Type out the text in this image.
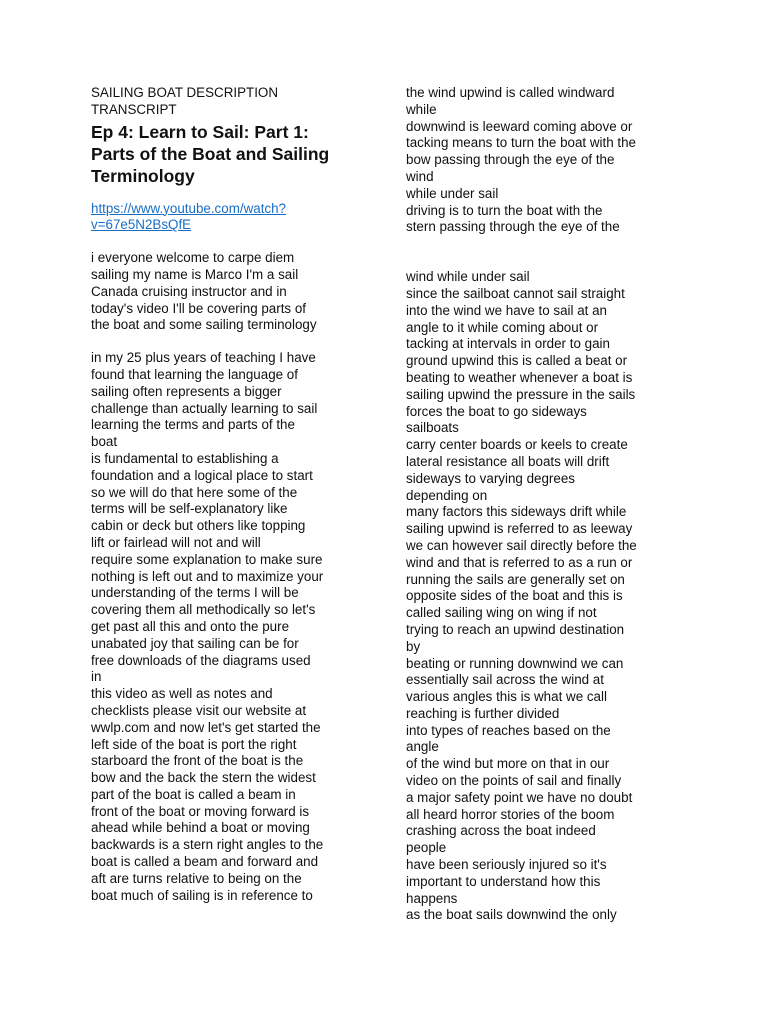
SAILING BOAT DESCRIPTION
TRANSCRIPT
Ep 4: Learn to Sail: Part 1:
Parts of the Boat and Sailing
Terminology
https://www.youtube.com/watch?
v=67e5N2BsQfE
i everyone welcome to carpe diem
sailing my name is Marco I'm a sail
Canada cruising instructor and in
today's video I'll be covering parts of
the boat and some sailing terminology
in my 25 plus years of teaching I have
found that learning the language of
sailing often represents a bigger
challenge than actually learning to sail
learning the terms and parts of the
boat
is fundamental to establishing a
foundation and a logical place to start
so we will do that here some of the
terms will be self-explanatory like
cabin or deck but others like topping
lift or fairlead will not and will
require some explanation to make sure
nothing is left out and to maximize your
understanding of the terms I will be
covering them all methodically so let's
get past all this and onto the pure
unabated joy that sailing can be for
free downloads of the diagrams used
in
this video as well as notes and
checklists please visit our website at
wwlp.com and now let's get started the
left side of the boat is port the right
starboard the front of the boat is the
bow and the back the stern the widest
part of the boat is called a beam in
front of the boat or moving forward is
ahead while behind a boat or moving
backwards is a stern right angles to the
boat is called a beam and forward and
aft are turns relative to being on the
boat much of sailing is in reference to
the wind upwind is called windward
while
downwind is leeward coming above or
tacking means to turn the boat with the
bow passing through the eye of the
wind
while under sail
driving is to turn the boat with the
stern passing through the eye of the
wind while under sail
since the sailboat cannot sail straight
into the wind we have to sail at an
angle to it while coming about or
tacking at intervals in order to gain
ground upwind this is called a beat or
beating to weather whenever a boat is
sailing upwind the pressure in the sails
forces the boat to go sideways
sailboats
carry center boards or keels to create
lateral resistance all boats will drift
sideways to varying degrees
depending on
many factors this sideways drift while
sailing upwind is referred to as leeway
we can however sail directly before the
wind and that is referred to as a run or
running the sails are generally set on
opposite sides of the boat and this is
called sailing wing on wing if not
trying to reach an upwind destination
by
beating or running downwind we can
essentially sail across the wind at
various angles this is what we call
reaching is further divided
into types of reaches based on the
angle
of the wind but more on that in our
video on the points of sail and finally
a major safety point we have no doubt
all heard horror stories of the boom
crashing across the boat indeed
people
have been seriously injured so it's
important to understand how this
happens
as the boat sails downwind the only
